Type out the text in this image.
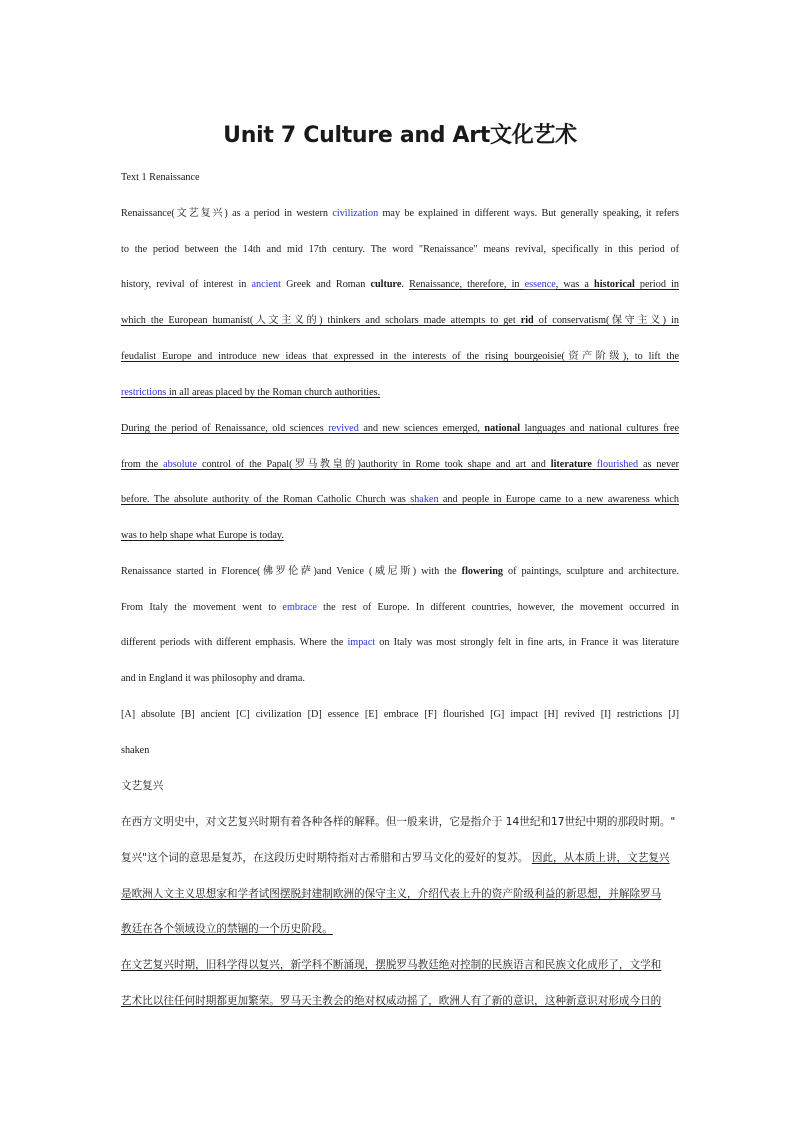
Unit 7 Culture and Art文化艺术
Text 1 Renaissance
Renaissance(文艺复兴) as a period in western civilization may be explained in different ways. But generally speaking, it refers
to the period between the 14th and mid 17th century. The word "Renaissance" means revival, specifically in this period of
history, revival of interest in ancient Greek and Roman culture. Renaissance, therefore, in essence, was a historical period in
which the European humanist(人文主义的) thinkers and scholars made attempts to get rid of conservatism(保守主义) in
feudalist Europe and introduce new ideas that expressed in the interests of the rising bourgeoisie(资产阶级), to lift the
restrictions in all areas placed by the Roman church authorities.
During the period of Renaissance, old sciences revived and new sciences emerged, national languages and national cultures free
from the absolute control of the Papal(罗马教皇的)authority in Rome took shape and art and literature flourished as never
before. The absolute authority of the Roman Catholic Church was shaken and people in Europe came to a new awareness which
was to help shape what Europe is today.
Renaissance started in Florence(佛罗伦萨)and Venice (威尼斯) with the flowering of paintings, sculpture and architecture.
From Italy the movement went to embrace the rest of Europe. In different countries, however, the movement occurred in
different periods with different emphasis. Where the impact on Italy was most strongly felt in fine arts, in France it was literature
and in England it was philosophy and drama.
[A] absolute [B] ancient [C] civilization [D] essence [E] embrace [F] flourished [G] impact [H] revived [I] restrictions [J]
shaken
文艺复兴
在西方文明史中，对文艺复兴时期有着各种各样的解释。但一般来讲，它是指介于 14世纪和17世纪中期的那段时期。"
复兴"这个词的意思是复苏，在这段历史时期特指对古希腊和古罗马文化的爱好的复苏。 因此，从本质上讲，文艺复兴
是欧洲人文主义思想家和学者试图摆脱封建制欧洲的保守主义，介绍代表上升的资产阶级利益的新思想，并解除罗马
教廷在各个领域设立的禁锢的一个历史阶段。
在文艺复兴时期，旧科学得以复兴，新学科不断涌现，摆脱罗马教廷绝对控制的民族语言和民族文化成形了，文学和
艺术比以往任何时期都更加繁荣。罗马天主教会的绝对权威动摇了，欧洲人有了新的意识，这种新意识对形成今日的
